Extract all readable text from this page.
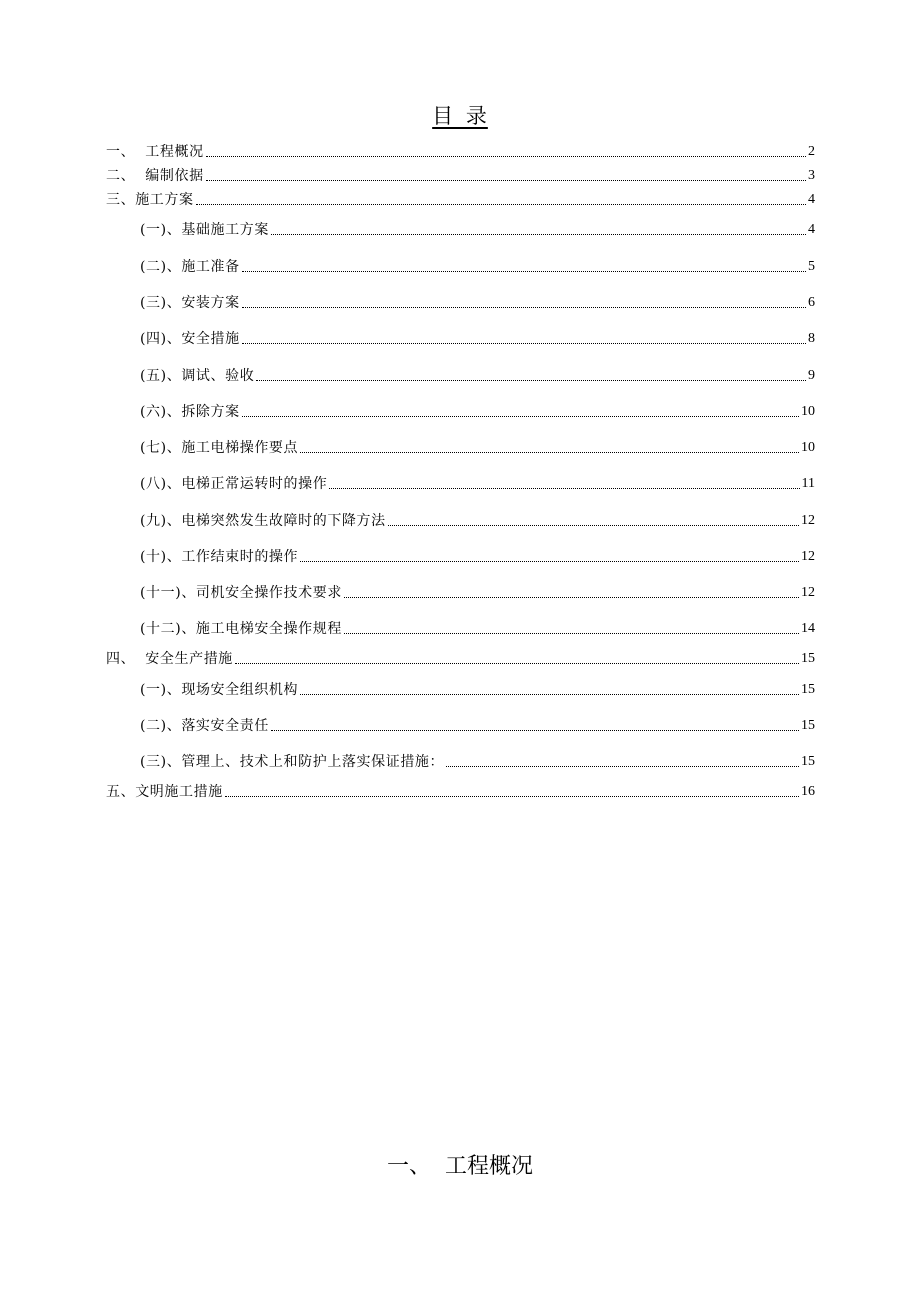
目 录
一、  工程概况	2
二、  编制依据	3
三、施工方案	4
(一)、基础施工方案	4
(二)、施工准备	5
(三)、安装方案	6
(四)、安全措施	8
(五)、调试、验收	9
(六)、拆除方案	10
(七)、施工电梯操作要点	10
(八)、电梯正常运转时的操作	11
(九)、电梯突然发生故障时的下降方法	12
(十)、工作结束时的操作	12
(十一)、司机安全操作技术要求	12
(十二)、施工电梯安全操作规程	14
四、  安全生产措施	15
(一)、现场安全组织机构	15
(二)、落实安全责任	15
(三)、管理上、技术上和防护上落实保证措施：	15
五、文明施工措施	16
一、  工程概况
